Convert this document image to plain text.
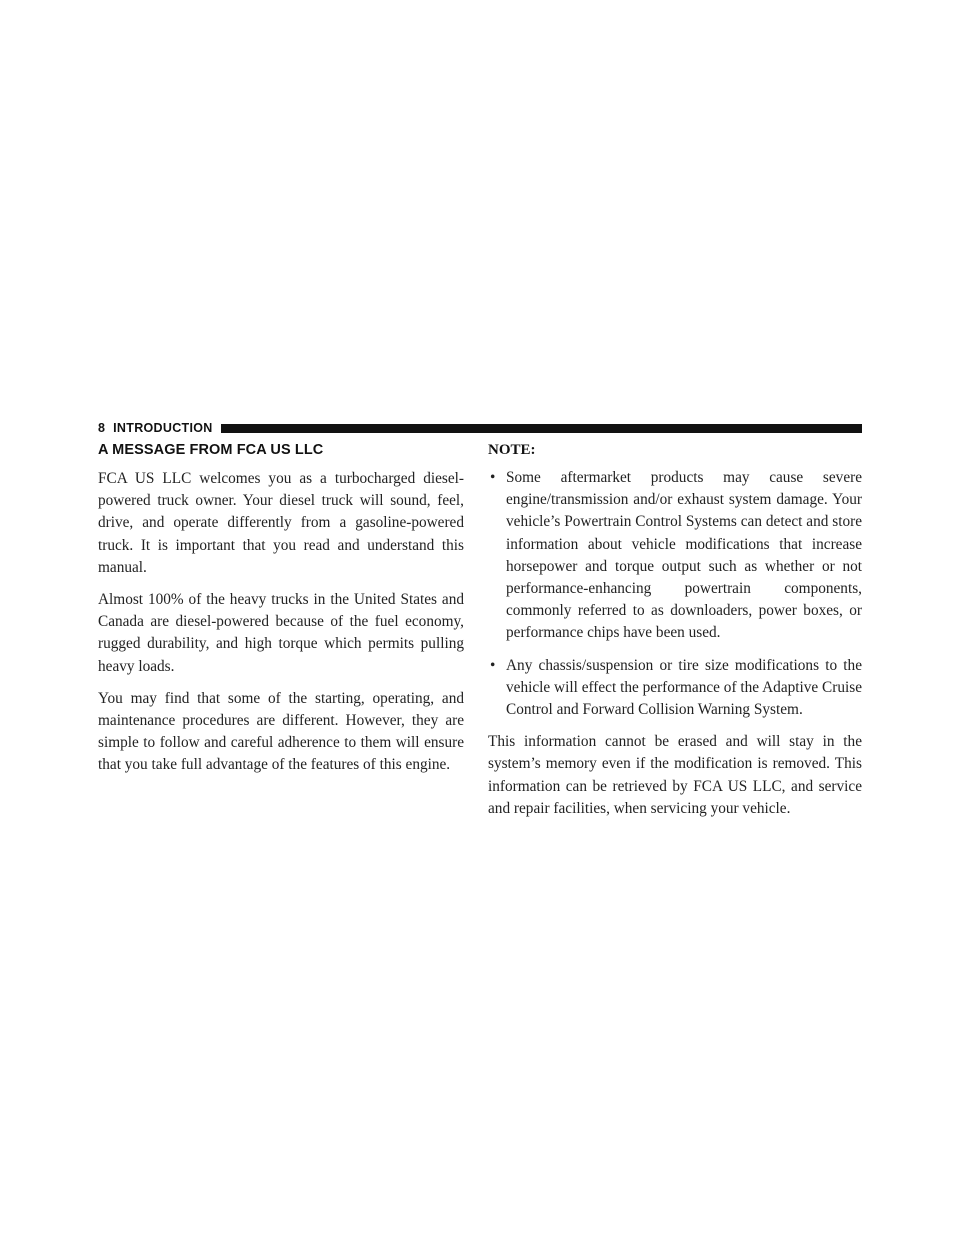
8 INTRODUCTION
A MESSAGE FROM FCA US LLC

FCA US LLC welcomes you as a turbocharged diesel-powered truck owner. Your diesel truck will sound, feel, drive, and operate differently from a gasoline-powered truck. It is important that you read and understand this manual.

Almost 100% of the heavy trucks in the United States and Canada are diesel-powered because of the fuel economy, rugged durability, and high torque which permits pulling heavy loads.

You may find that some of the starting, operating, and maintenance procedures are different. However, they are simple to follow and careful adherence to them will ensure that you take full advantage of the features of this engine.

NOTE:
• Some aftermarket products may cause severe engine/transmission and/or exhaust system damage. Your vehicle’s Powertrain Control Systems can detect and store information about vehicle modifications that increase horsepower and torque output such as whether or not performance-enhancing powertrain components, commonly referred to as downloaders, power boxes, or performance chips have been used.
• Any chassis/suspension or tire size modifications to the vehicle will effect the performance of the Adaptive Cruise Control and Forward Collision Warning System.

This information cannot be erased and will stay in the system’s memory even if the modification is removed. This information can be retrieved by FCA US LLC, and service and repair facilities, when servicing your vehicle.
